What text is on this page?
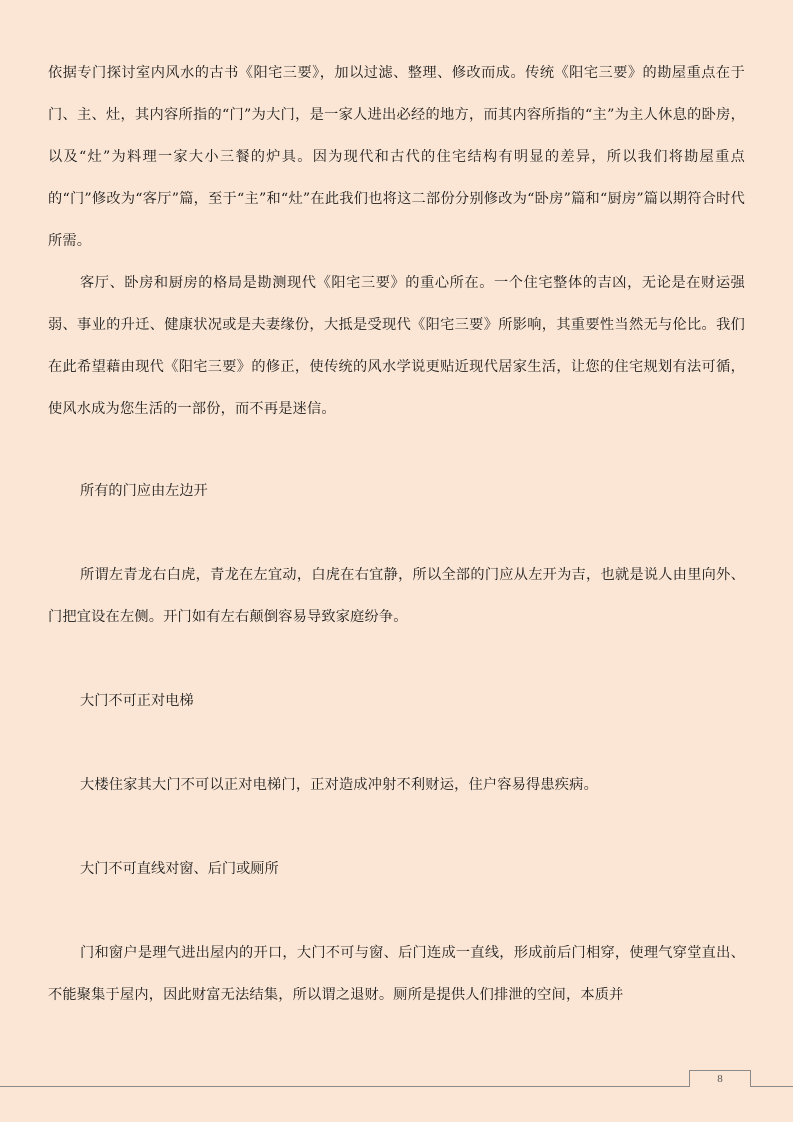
依据专门探讨室内风水的古书《阳宅三要》，加以过滤、整理、修改而成。传统《阳宅三要》的勘屋重点在于门、主、灶，其内容所指的“门”为大门，是一家人进出必经的地方，而其内容所指的“主”为主人休息的卧房，以及“灶”为料理一家大小三餐的炉具。因为现代和古代的住宅结构有明显的差异，所以我们将勘屋重点的“门”修改为“客厅”篇，至于“主”和“灶”在此我们也将这二部份分别修改为“卧房”篇和“厨房”篇以期符合时代所需。

客厅、卧房和厨房的格局是勘测现代《阳宅三要》的重心所在。一个住宅整体的吉凶，无论是在财运强弱、事业的升迁、健康状况或是夫妻缘份，大抵是受现代《阳宅三要》所影响，其重要性当然无与伦比。我们在此希望藉由现代《阳宅三要》的修正，使传统的风水学说更贴近现代居家生活，让您的住宅规划有法可循，使风水成为您生活的一部份，而不再是迷信。

所有的门应由左边开

所谓左青龙右白虎，青龙在左宜动，白虎在右宜静，所以全部的门应从左开为吉，也就是说人由里向外、门把宜设在左侧。开门如有左右颠倒容易导致家庭纷争。

大门不可正对电梯

大楼住家其大门不可以正对电梯门，正对造成冲射不利财运，住户容易得患疾病。

大门不可直线对窗、后门或厕所

门和窗户是理气进出屋内的开口，大门不可与窗、后门连成一直线，形成前后门相穿，使理气穿堂直出、不能聚集于屋内，因此财富无法结集，所以谓之退财。厕所是提供人们排泄的空间，本质并

8
